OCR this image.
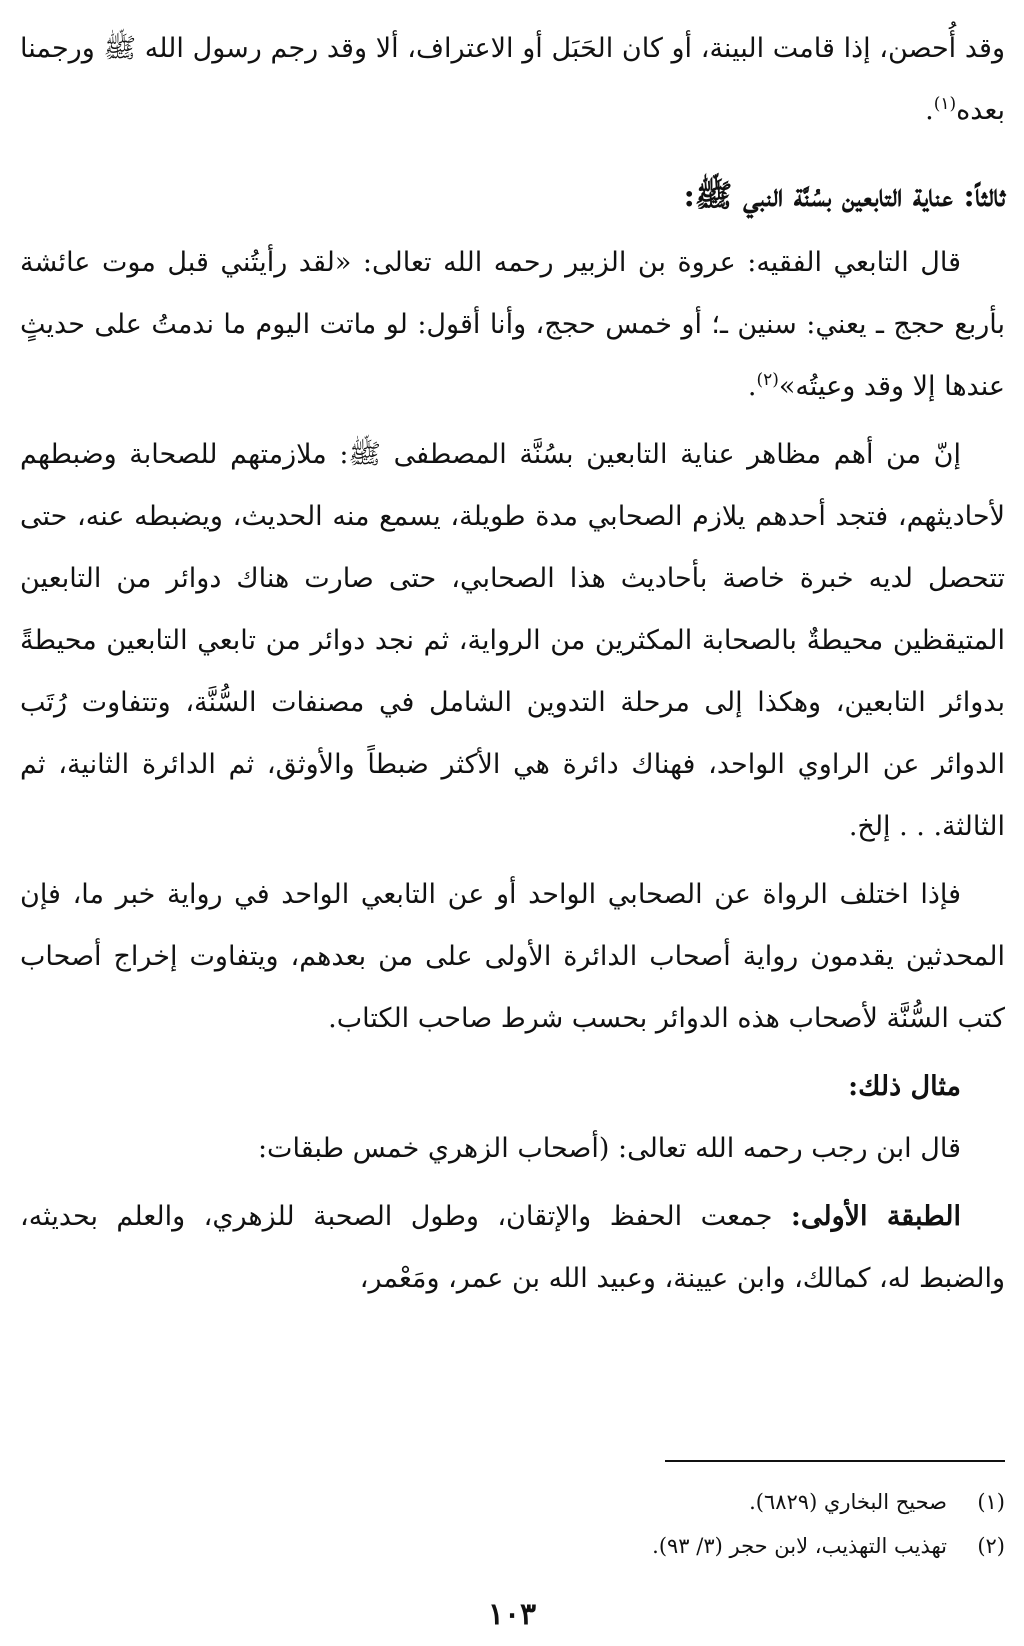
وقد أُحصن، إذا قامت البينة، أو كان الحَبَل أو الاعتراف، ألا وقد رجم رسول الله ﷺ ورجمنا بعده$^{(١)}$.

ثالثاً: عناية التابعين بسُنَّة النبي ﷺ:

قال التابعي الفقيه: عروة بن الزبير رحمه الله تعالى: «لقد رأيتُني قبل موت عائشة بأربع حجج ـ يعني: سنين ـ؛ أو خمس حجج، وأنا أقول: لو ماتت اليوم ما ندمتُ على حديثٍ عندها إلا وقد وعيتُه»$^{(٢)}$.

إنّ من أهم مظاهر عناية التابعين بسُنَّة المصطفى ﷺ: ملازمتهم للصحابة وضبطهم لأحاديثهم، فتجد أحدهم يلازم الصحابي مدة طويلة، يسمع منه الحديث، ويضبطه عنه، حتى تتحصل لديه خبرة خاصة بأحاديث هذا الصحابي، حتى صارت هناك دوائر من التابعين المتيقظين محيطةٌ بالصحابة المكثرين من الرواية، ثم نجد دوائر من تابعي التابعين محيطةً بدوائر التابعين، وهكذا إلى مرحلة التدوين الشامل في مصنفات السُّنَّة، وتتفاوت رُتَب الدوائر عن الراوي الواحد، فهناك دائرة هي الأكثر ضبطاً والأوثق، ثم الدائرة الثانية، ثم الثالثة. . . إلخ.

فإذا اختلف الرواة عن الصحابي الواحد أو عن التابعي الواحد في رواية خبر ما، فإن المحدثين يقدمون رواية أصحاب الدائرة الأولى على من بعدهم، ويتفاوت إخراج أصحاب كتب السُّنَّة لأصحاب هذه الدوائر بحسب شرط صاحب الكتاب.

مثال ذلك:

قال ابن رجب رحمه الله تعالى: (أصحاب الزهري خمس طبقات:

الطبقة الأولى: جمعت الحفظ والإتقان، وطول الصحبة للزهري، والعلم بحديثه، والضبط له، كمالك، وابن عيينة، وعبيد الله بن عمر، ومَعْمر،

(١)
صحيح البخاري (٦٨٢٩).
(٢)
تهذيب التهذيب، لابن حجر (٣/ ٩٣).
١٠٣
